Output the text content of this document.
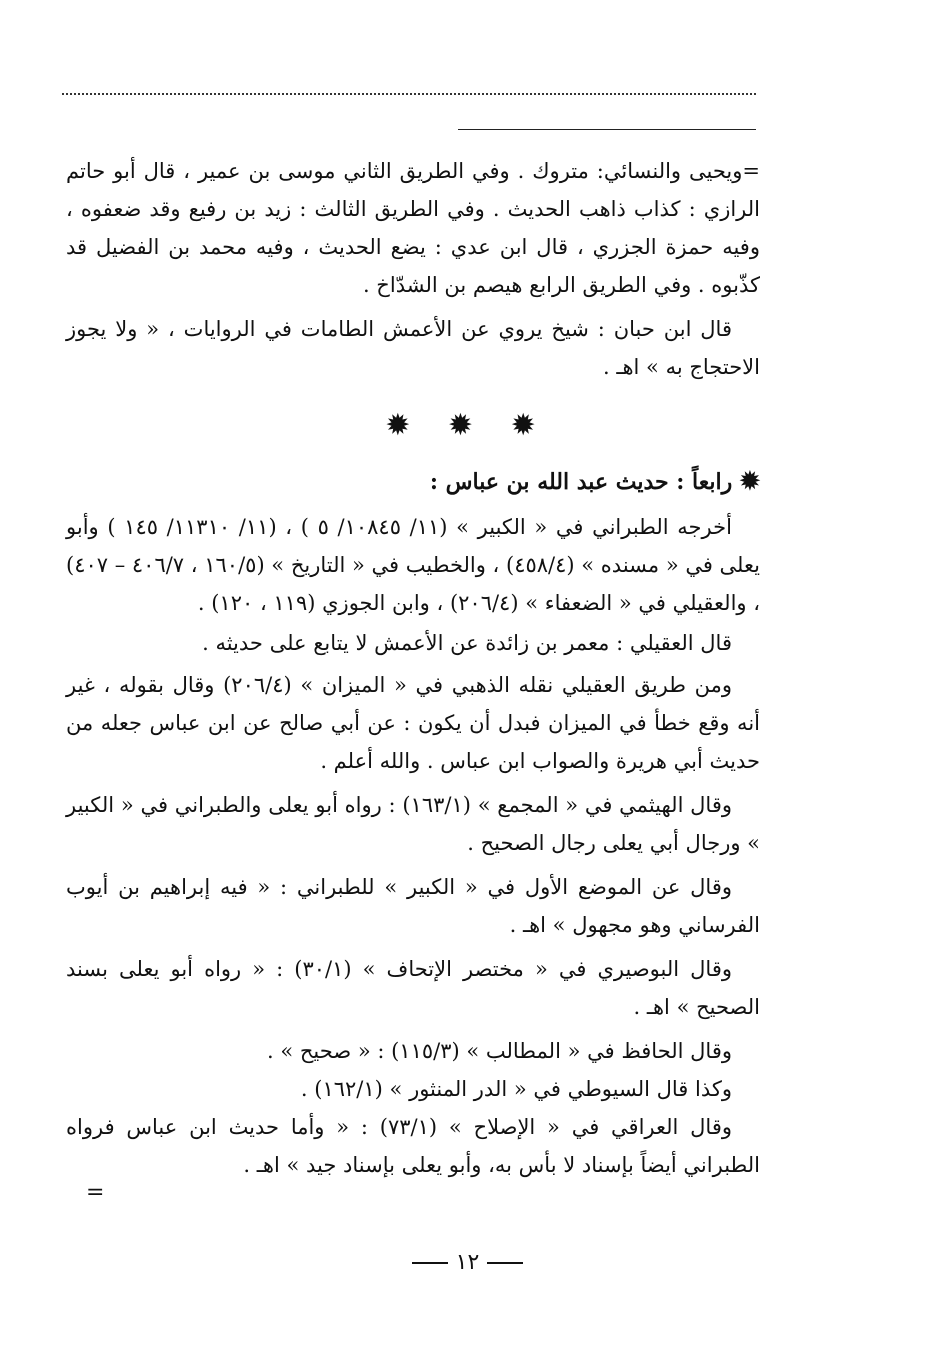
=ويحيى والنسائي: متروك . وفي الطريق الثاني موسى بن عمير ، قال أبو حاتم الرازي : كذاب ذاهب الحديث . وفي الطريق الثالث : زيد بن رفيع وقد ضعفوه ، وفيه حمزة الجزري ، قال ابن عدي : يضع الحديث ، وفيه محمد بن الفضيل قد كذّبوه . وفي الطريق الرابع هيصم بن الشدّاخ .

قال ابن حبان : شيخ يروي عن الأعمش الطامات في الروايات ، « ولا يجوز الاحتجاج به » اهـ .

✹ ✹ ✹
✹ رابعاً : حديث عبد الله بن عباس :

أخرجه الطبراني في « الكبير » (١١/ ١٠٨٤٥/ ٥ ) ، (١١/ ١١٣١٠/ ١٤٥ ) وأبو يعلى في « مسنده » (٤٥٨/٤) ، والخطيب في « التاريخ » (١٦٠/٥ ، ٤٠٦/٧ – ٤٠٧) ، والعقيلي في « الضعفاء » (٢٠٦/٤) ، وابن الجوزي (١١٩ ، ١٢٠) .

قال العقيلي : معمر بن زائدة عن الأعمش لا يتابع على حديثه .

ومن طريق العقيلي نقله الذهبي في « الميزان » (٢٠٦/٤) وقال بقوله ، غير أنه وقع خطأ في الميزان فبدل أن يكون : عن أبي صالح عن ابن عباس جعله من حديث أبي هريرة والصواب ابن عباس . والله أعلم .

وقال الهيثمي في « المجمع » (١٦٣/١) : رواه أبو يعلى والطبراني في « الكبير » ورجال أبي يعلى رجال الصحيح .

وقال عن الموضع الأول في « الكبير » للطبراني : « فيه إبراهيم بن أيوب الفرساني وهو مجهول » اهـ .

وقال البوصيري في « مختصر الإتحاف » (٣٠/١) : « رواه أبو يعلى بسند الصحيح » اهـ .

وقال الحافظ في « المطالب » (١١٥/٣) : « صحيح » .

وكذا قال السيوطي في « الدر المنثور » (١٦٢/١) .

وقال العراقي في « الإصلاح » (٧٣/١) : « وأما حديث ابن عباس فرواه الطبراني أيضاً بإسناد لا بأس به، وأبو يعلى بإسناد جيد » اهـ .

=
١٢
